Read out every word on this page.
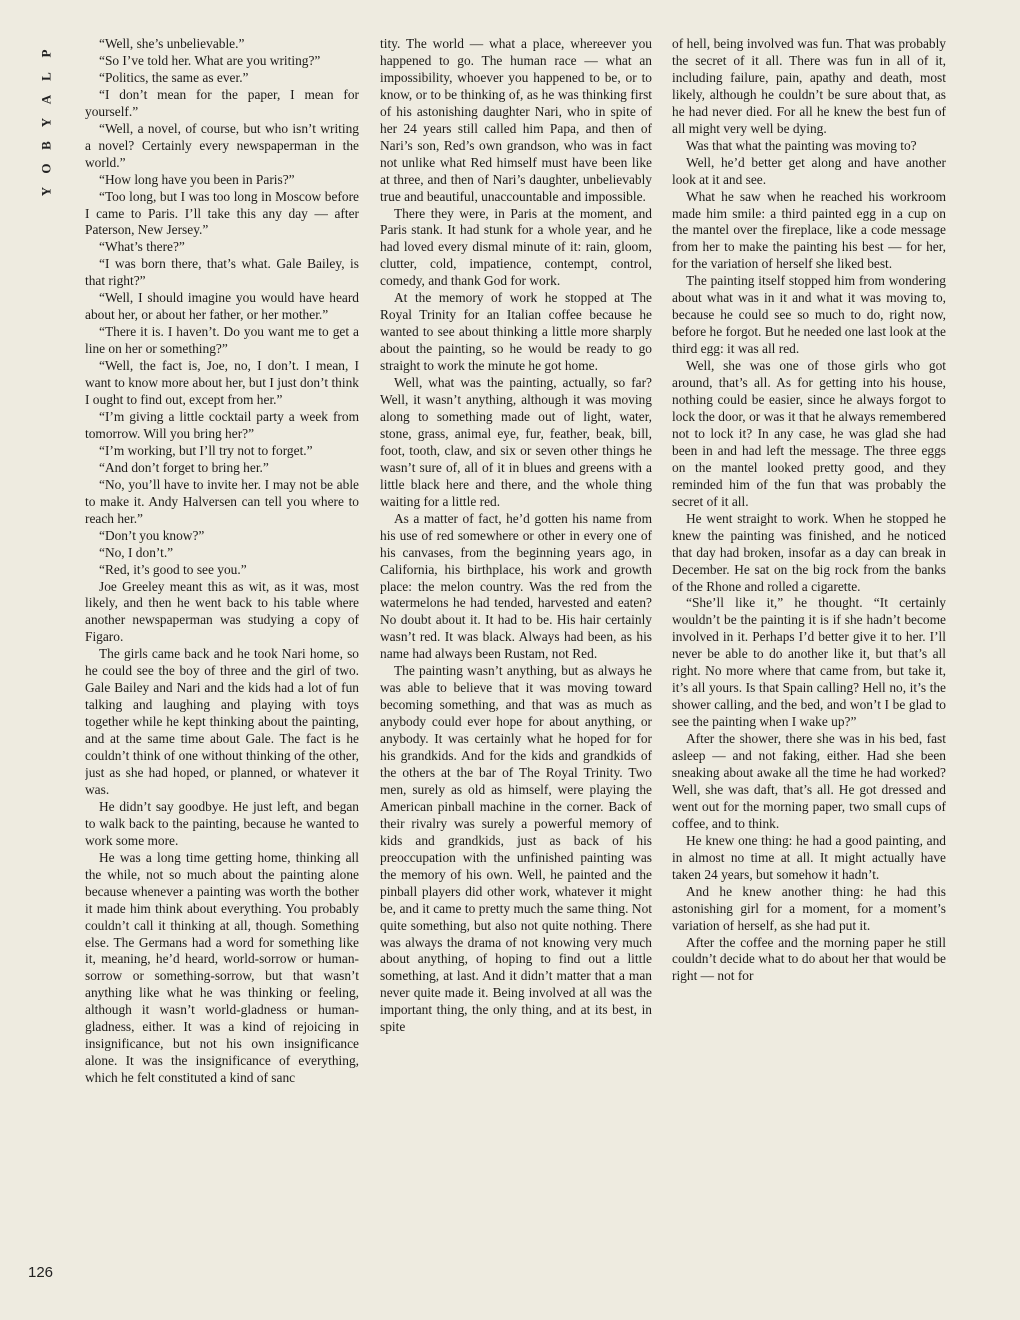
P
L
A
Y
B
O
Y
126

“Well, she’s unbelievable.”

“So I’ve told her. What are you writing?”

“Politics, the same as ever.”

“I don’t mean for the paper, I mean for yourself.”

“Well, a novel, of course, but who isn’t writing a novel? Certainly every newspaperman in the world.”

“How long have you been in Paris?”

“Too long, but I was too long in Moscow before I came to Paris. I’ll take this any day — after Paterson, New Jersey.”

“What’s there?”

“I was born there, that’s what. Gale Bailey, is that right?”

“Well, I should imagine you would have heard about her, or about her father, or her mother.”

“There it is. I haven’t. Do you want me to get a line on her or something?”

“Well, the fact is, Joe, no, I don’t. I mean, I want to know more about her, but I just don’t think I ought to find out, except from her.”

“I’m giving a little cocktail party a week from tomorrow. Will you bring her?”

“I’m working, but I’ll try not to forget.”

“And don’t forget to bring her.”

“No, you’ll have to invite her. I may not be able to make it. Andy Halversen can tell you where to reach her.”

“Don’t you know?”

“No, I don’t.”

“Red, it’s good to see you.”

Joe Greeley meant this as wit, as it was, most likely, and then he went back to his table where another newspaperman was studying a copy of Figaro.

The girls came back and he took Nari home, so he could see the boy of three and the girl of two. Gale Bailey and Nari and the kids had a lot of fun talking and laughing and playing with toys together while he kept thinking about the painting, and at the same time about Gale. The fact is he couldn’t think of one without thinking of the other, just as she had hoped, or planned, or whatever it was.

He didn’t say goodbye. He just left, and began to walk back to the painting, because he wanted to work some more.

He was a long time getting home, thinking all the while, not so much about the painting alone because whenever a painting was worth the bother it made him think about everything. You probably couldn’t call it thinking at all, though. Something else. The Germans had a word for something like it, meaning, he’d heard, world-sorrow or human-sorrow or something-sorrow, but that wasn’t anything like what he was thinking or feeling, although it wasn’t world-gladness or human-gladness, either. It was a kind of rejoicing in insignificance, but not his own insignificance alone. It was the insignificance of everything, which he felt constituted a kind of sanc

tity. The world — what a place, whereever you happened to go. The human race — what an impossibility, whoever you happened to be, or to know, or to be thinking of, as he was thinking first of his astonishing daughter Nari, who in spite of her 24 years still called him Papa, and then of Nari’s son, Red’s own grandson, who was in fact not unlike what Red himself must have been like at three, and then of Nari’s daughter, unbelievably true and beautiful, unaccountable and impossible.

There they were, in Paris at the moment, and Paris stank. It had stunk for a whole year, and he had loved every dismal minute of it: rain, gloom, clutter, cold, impatience, contempt, control, comedy, and thank God for work.

At the memory of work he stopped at The Royal Trinity for an Italian coffee because he wanted to see about thinking a little more sharply about the painting, so he would be ready to go straight to work the minute he got home.

Well, what was the painting, actually, so far? Well, it wasn’t anything, although it was moving along to something made out of light, water, stone, grass, animal eye, fur, feather, beak, bill, foot, tooth, claw, and six or seven other things he wasn’t sure of, all of it in blues and greens with a little black here and there, and the whole thing waiting for a little red.

As a matter of fact, he’d gotten his name from his use of red somewhere or other in every one of his canvases, from the beginning years ago, in California, his birthplace, his work and growth place: the melon country. Was the red from the watermelons he had tended, harvested and eaten? No doubt about it. It had to be. His hair certainly wasn’t red. It was black. Always had been, as his name had always been Rustam, not Red.

The painting wasn’t anything, but as always he was able to believe that it was moving toward becoming something, and that was as much as anybody could ever hope for about anything, or anybody. It was certainly what he hoped for for his grandkids. And for the kids and grandkids of the others at the bar of The Royal Trinity. Two men, surely as old as himself, were playing the American pinball machine in the corner. Back of their rivalry was surely a powerful memory of kids and grandkids, just as back of his preoccupation with the unfinished painting was the memory of his own. Well, he painted and the pinball players did other work, whatever it might be, and it came to pretty much the same thing. Not quite something, but also not quite nothing. There was always the drama of not knowing very much about anything, of hoping to find out a little something, at last. And it didn’t matter that a man never quite made it. Being involved at all was the important thing, the only thing, and at its best, in spite

of hell, being involved was fun. That was probably the secret of it all. There was fun in all of it, including failure, pain, apathy and death, most likely, although he couldn’t be sure about that, as he had never died. For all he knew the best fun of all might very well be dying.

Was that what the painting was moving to?

Well, he’d better get along and have another look at it and see.

What he saw when he reached his workroom made him smile: a third painted egg in a cup on the mantel over the fireplace, like a code message from her to make the painting his best — for her, for the variation of herself she liked best.

The painting itself stopped him from wondering about what was in it and what it was moving to, because he could see so much to do, right now, before he forgot. But he needed one last look at the third egg: it was all red.

Well, she was one of those girls who got around, that’s all. As for getting into his house, nothing could be easier, since he always forgot to lock the door, or was it that he always remembered not to lock it? In any case, he was glad she had been in and had left the message. The three eggs on the mantel looked pretty good, and they reminded him of the fun that was probably the secret of it all.

He went straight to work. When he stopped he knew the painting was finished, and he noticed that day had broken, insofar as a day can break in December. He sat on the big rock from the banks of the Rhone and rolled a cigarette.

“She’ll like it,” he thought. “It certainly wouldn’t be the painting it is if she hadn’t become involved in it. Perhaps I’d better give it to her. I’ll never be able to do another like it, but that’s all right. No more where that came from, but take it, it’s all yours. Is that Spain calling? Hell no, it’s the shower calling, and the bed, and won’t I be glad to see the painting when I wake up?”

After the shower, there she was in his bed, fast asleep — and not faking, either. Had she been sneaking about awake all the time he had worked? Well, she was daft, that’s all. He got dressed and went out for the morning paper, two small cups of coffee, and to think.

He knew one thing: he had a good painting, and in almost no time at all. It might actually have taken 24 years, but somehow it hadn’t.

And he knew another thing: he had this astonishing girl for a moment, for a moment’s variation of herself, as she had put it.

After the coffee and the morning paper he still couldn’t decide what to do about her that would be right — not for
